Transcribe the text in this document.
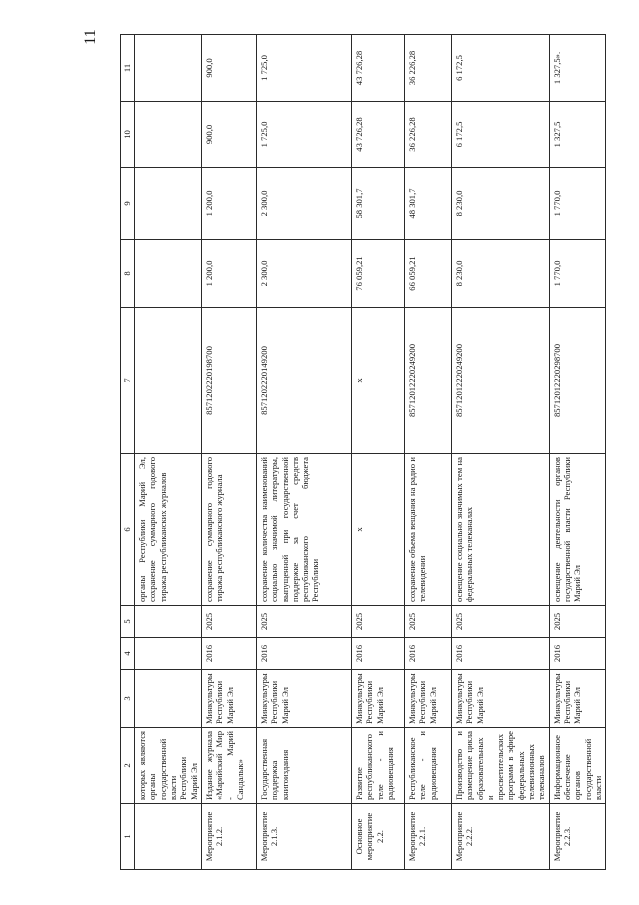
11
1	2	3	4	5	6	7	8	9	10	11
	которых являются органы государственной власти Республики Марий Эл				органы Республики Марий Эл, сохранение суммарного годового тиража республиканских журналов					
Мероприятие 2.1.2.	Издание журнала «Марийский Мир - Марий Сандалык»	Минкультуры Республики Марий Эл	2016	2025	сохранение суммарного годового тиража республиканского журнала	85712022201987​00	1 200,0	1 200,0	900,0	900,0
Мероприятие 2.1.3.	Государственная поддержка книгоиздания	Минкультуры Республики Марий Эл	2016	2025	сохранение количества наименований социально значимой литературы, выпущенной при государственной поддержке за счет средств республиканского бюджета Республики	85712022201492​00	2 300,0	2 300,0	1 725,0	1 725,0
Основное мероприятие 2.2.	Развитие республиканского теле - и радиовещания	Минкультуры Республики Марий Эл	2016	2025	х	х	76 059,21	58 301,7	43 726,28	43 726,28
Мероприятие 2.2.1.	Республиканское теле - и радиовещания	Минкультуры Республики Марий Эл	2016	2025	сохранение объема вещания на радио и телевидении	85712012220249200	66 059,21	48 301,7	36 226,28	36 226,28
Мероприятие 2.2.2.	Производство и размещение цикла образовательных и просветительских программ в эфире федеральных телевизионных телеканалов	Минкультуры Республики Марий Эл	2016	2025	освещение социально значимых тем на федеральных телеканалах	85712012220249200	8 230,0	8 230,0	6 172,5	6 172,5
Мероприятие 2.2.3.	Информационное обеспечение органов государственной власти	Минкультуры Республики Марий Эл	2016	2025	освещение деятельности органов государственной власти Республики Марий Эл	85712012220298700	1 770,0	1 770,0	1 327,5	1 327,5».
